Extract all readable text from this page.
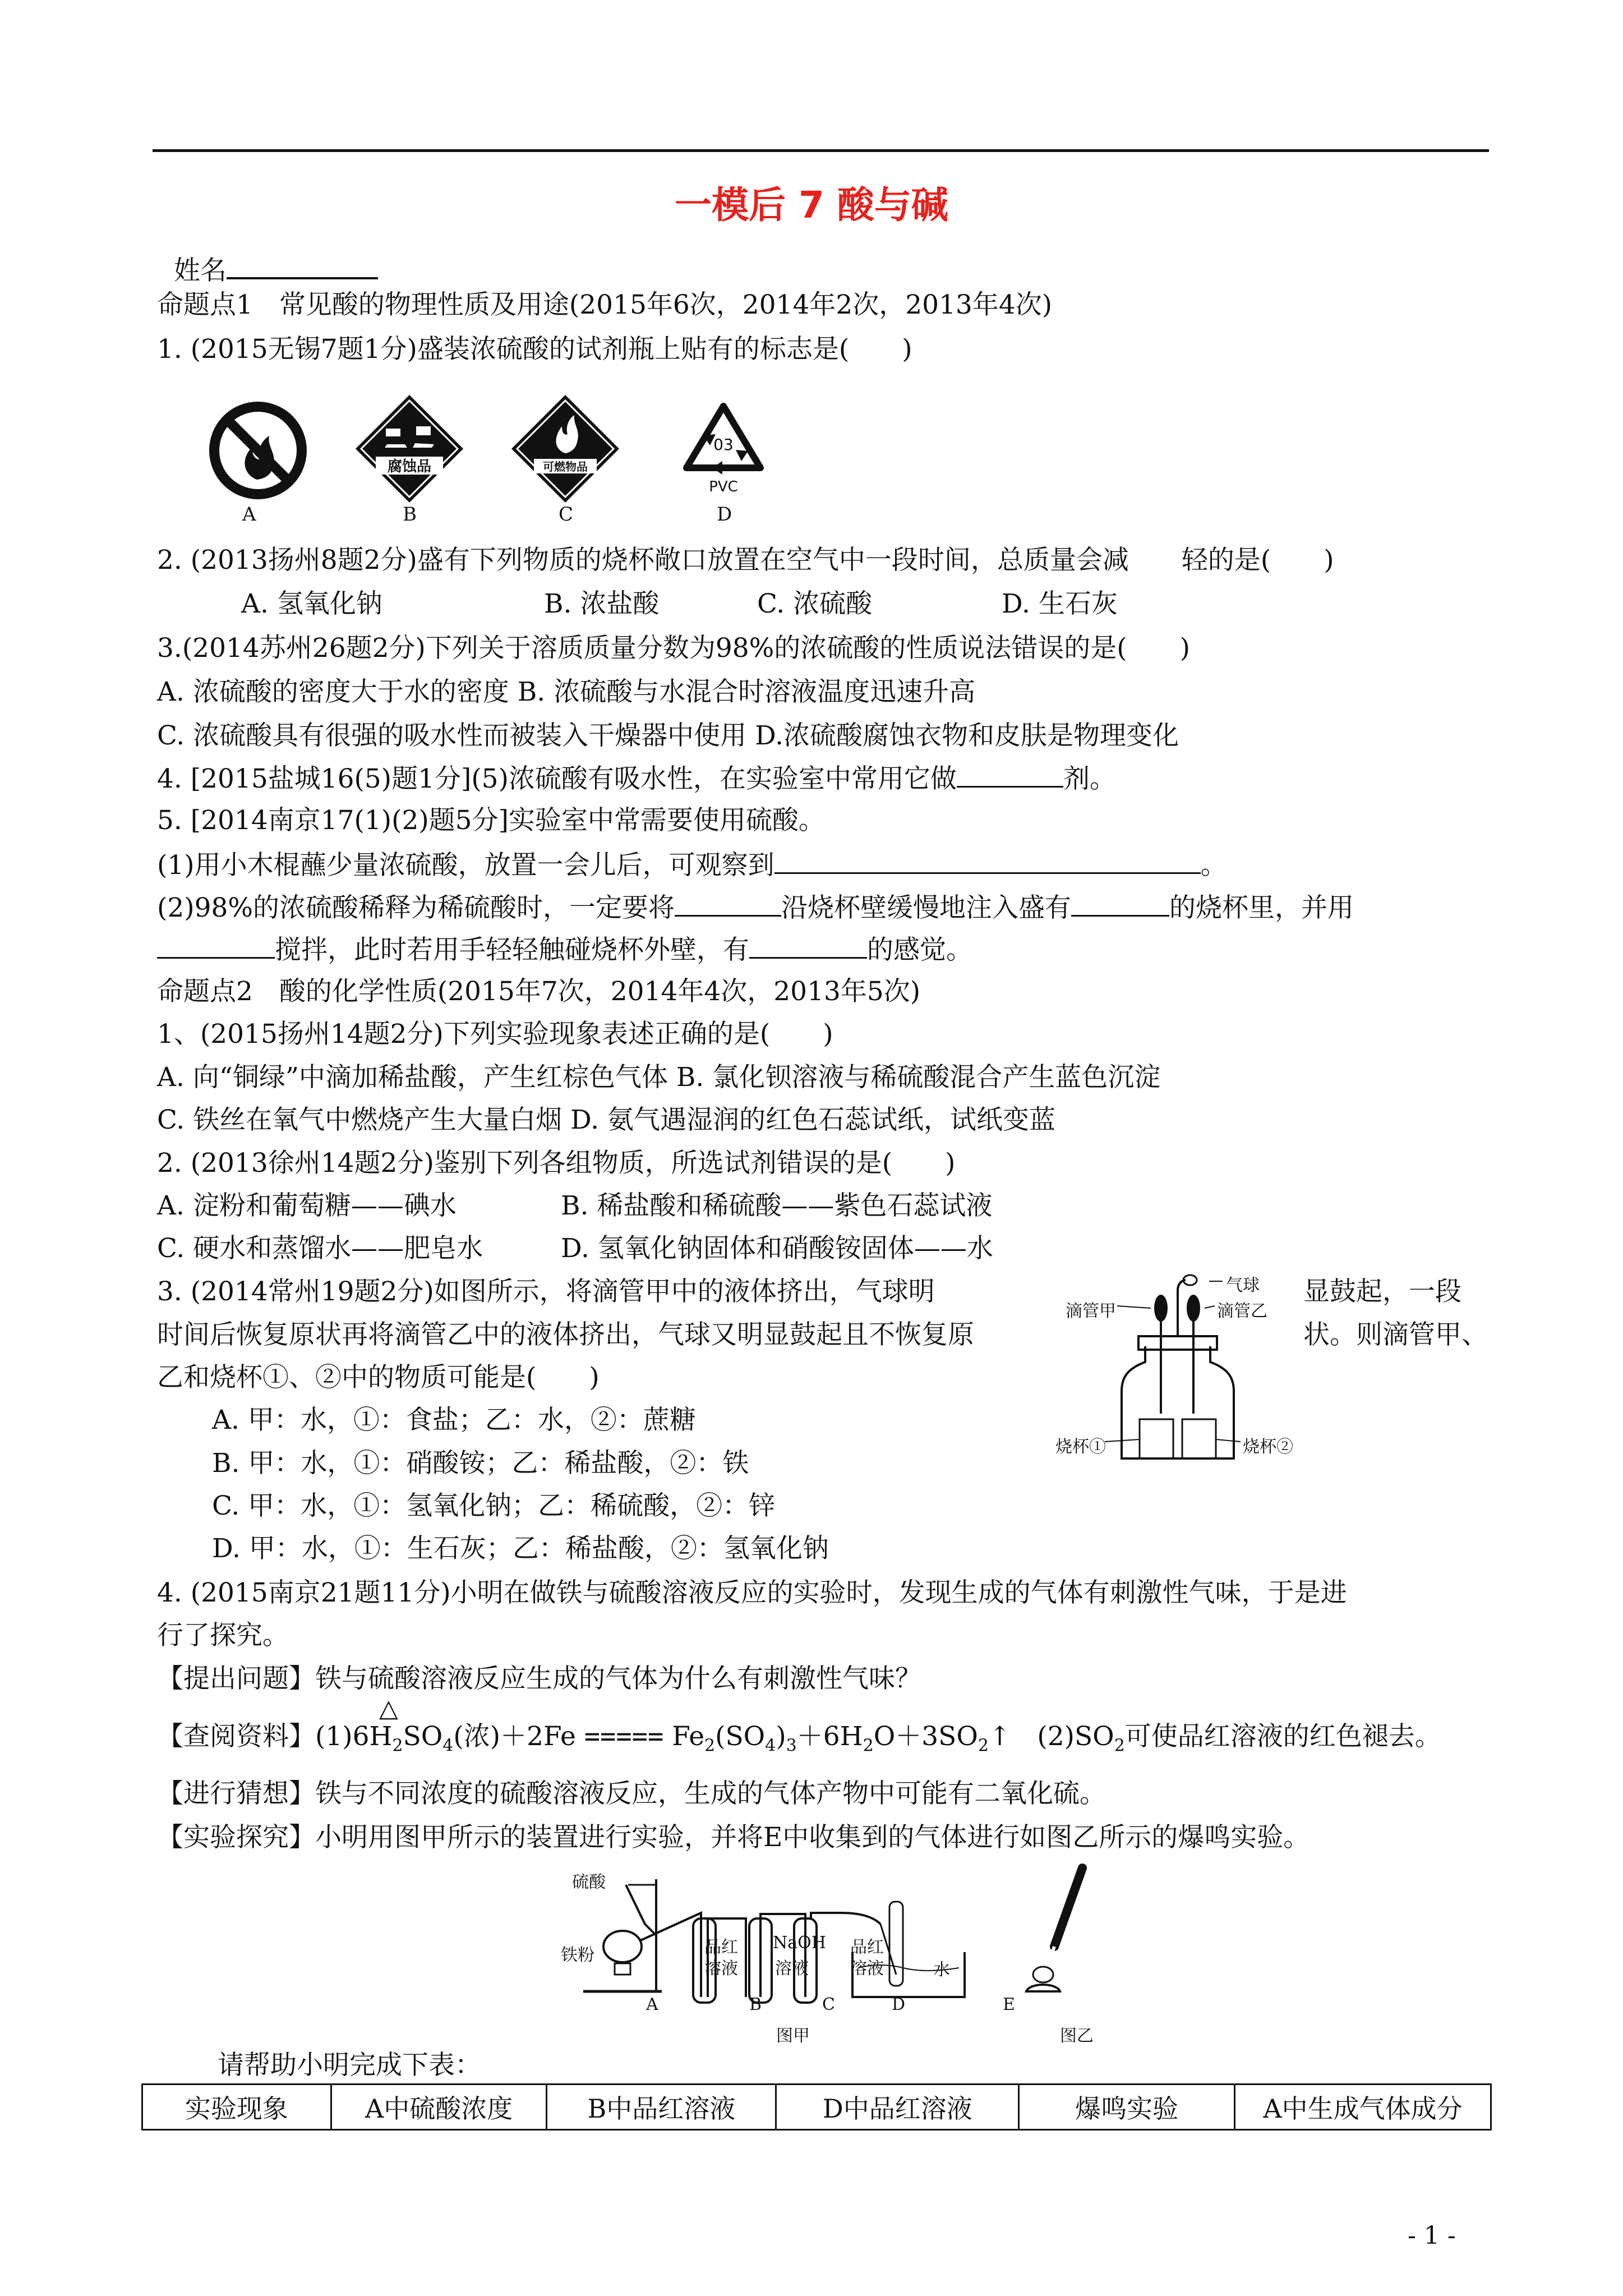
一模后 7 酸与碱
姓名
命题点1　常见酸的物理性质及用途(2015年6次，2014年2次，2013年4次)
1. (2015无锡7题1分)盛装浓硫酸的试剂瓶上贴有的标志是(　　)
腐蚀品	可燃物品
03
PVC
A	B	C	D
2. (2013扬州8题2分)盛有下列物质的烧杯敞口放置在空气中一段时间，总质量会减　　轻的是(　　)
A. 氢氧化钠	B. 浓盐酸	C. 浓硫酸	D. 生石灰
3.(2014苏州26题2分)下列关于溶质质量分数为98%的浓硫酸的性质说法错误的是(　　)
A. 浓硫酸的密度大于水的密度 B. 浓硫酸与水混合时溶液温度迅速升高
C. 浓硫酸具有很强的吸水性而被装入干燥器中使用 D.浓硫酸腐蚀衣物和皮肤是物理变化
4. [2015盐城16(5)题1分](5)浓硫酸有吸水性，在实验室中常用它做	剂。
5. [2014南京17(1)(2)题5分]实验室中常需要使用硫酸。
(1)用小木棍蘸少量浓硫酸，放置一会儿后，可观察到	。
(2)98%的浓硫酸稀释为稀硫酸时，一定要将	沿烧杯壁缓慢地注入盛有	的烧杯里，并用
搅拌，此时若用手轻轻触碰烧杯外壁，有	的感觉。
命题点2　酸的化学性质(2015年7次，2014年4次，2013年5次)
1、(2015扬州14题2分)下列实验现象表述正确的是(　　)
A. 向“铜绿”中滴加稀盐酸，产生红棕色气体 B. 氯化钡溶液与稀硫酸混合产生蓝色沉淀
C. 铁丝在氧气中燃烧产生大量白烟 D. 氨气遇湿润的红色石蕊试纸，试纸变蓝
2. (2013徐州14题2分)鉴别下列各组物质，所选试剂错误的是(　　)
A. 淀粉和葡萄糖——碘水	B. 稀盐酸和稀硫酸——紫色石蕊试液
C. 硬水和蒸馏水——肥皂水	D. 氢氧化钠固体和硝酸铵固体——水
3. (2014常州19题2分)如图所示，将滴管甲中的液体挤出，气球明	显鼓起，一段
时间后恢复原状再将滴管乙中的液体挤出，气球又明显鼓起且不恢复原	状。则滴管甲、
乙和烧杯①、②中的物质可能是(　　)
A. 甲：水，①：食盐；乙：水，②：蔗糖
B. 甲：水，①：硝酸铵；乙：稀盐酸，②：铁
C. 甲：水，①：氢氧化钠；乙：稀硫酸，②：锌
D. 甲：水，①：生石灰；乙：稀盐酸，②：氢氧化钠
气球
滴管甲	滴管乙
烧杯①	烧杯②
4. (2015南京21题11分)小明在做铁与硫酸溶液反应的实验时，发现生成的气体有刺激性气味，于是进
行了探究。
【提出问题】铁与硫酸溶液反应生成的气体为什么有刺激性气味？
△
【查阅资料】$(1)6H_2SO_4$(浓)＋2Fe ===== $Fe_2(SO_4)_3+6H_2O+3SO_2↑$　$(2)SO_2$可使品红溶液的红色褪去。
【进行猜想】铁与不同浓度的硫酸溶液反应，生成的气体产物中可能有二氧化硫。
【实验探究】小明用图甲所示的装置进行实验，并将E中收集到的气体进行如图乙所示的爆鸣实验。
硫酸
铁粉	品红
溶液
NaOH
溶液
品红
溶液	水
A	B	C	D	E
图甲	图乙
请帮助小明完成下表：
实验现象	A中硫酸浓度	B中品红溶液	D中品红溶液	爆鸣实验	A中生成气体成分
- 1 -
